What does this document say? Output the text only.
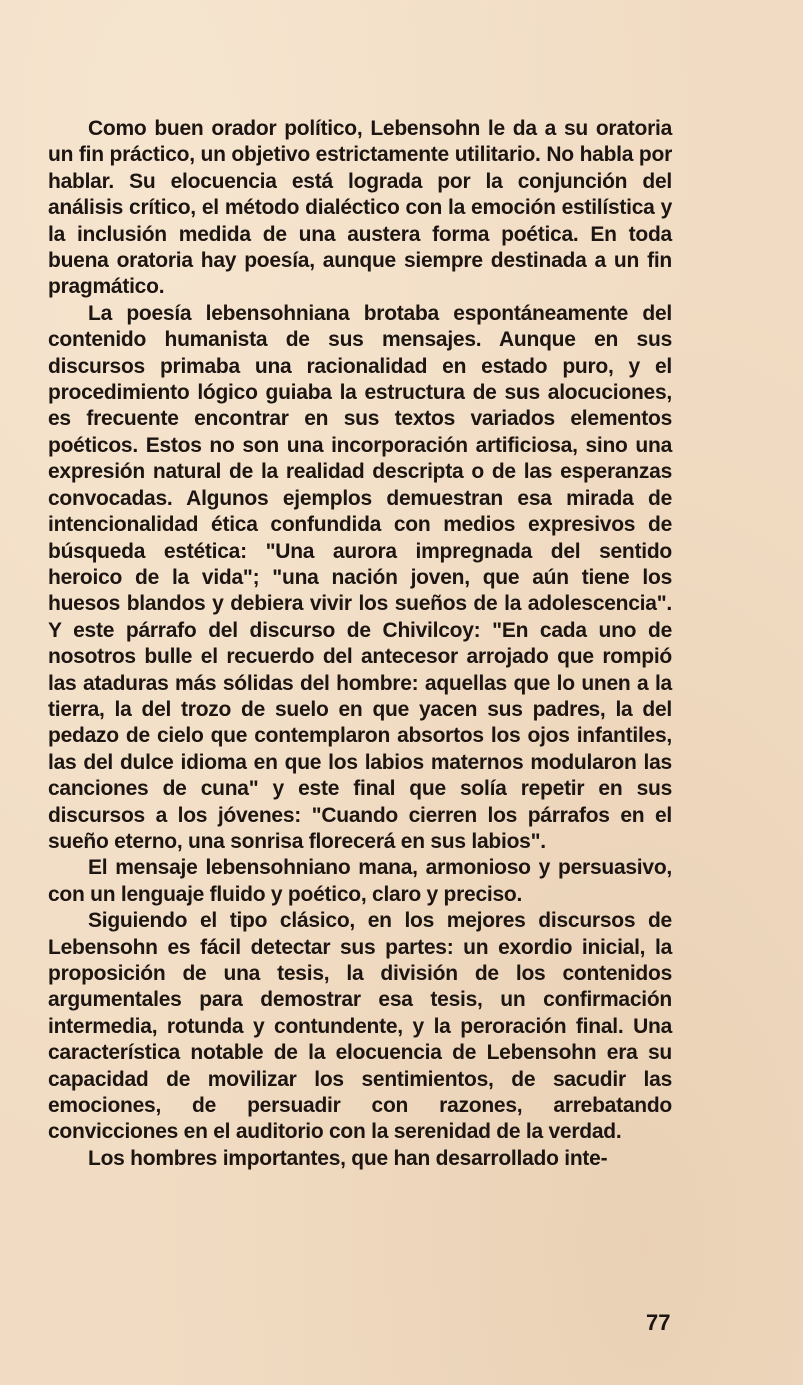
Como buen orador político, Lebensohn le da a su oratoria un fin práctico, un objetivo estrictamente utilitario. No habla por hablar. Su elocuencia está lograda por la conjunción del análisis crítico, el método dialéctico con la emoción estilística y la inclusión medida de una austera forma poética. En toda buena oratoria hay poesía, aunque siempre destinada a un fin pragmático.

La poesía lebensohniana brotaba espontáneamente del contenido humanista de sus mensajes. Aunque en sus discursos primaba una racionalidad en estado puro, y el procedimiento lógico guiaba la estructura de sus alocuciones, es frecuente encontrar en sus textos variados elementos poéticos. Estos no son una incorporación artificiosa, sino una expresión natural de la realidad descripta o de las esperanzas convocadas. Algunos ejemplos demuestran esa mirada de intencionalidad ética confundida con medios expresivos de búsqueda estética: "Una aurora impregnada del sentido heroico de la vida"; "una nación joven, que aún tiene los huesos blandos y debiera vivir los sueños de la adolescencia". Y este párrafo del discurso de Chivilcoy: "En cada uno de nosotros bulle el recuerdo del antecesor arrojado que rompió las ataduras más sólidas del hombre: aquellas que lo unen a la tierra, la del trozo de suelo en que yacen sus padres, la del pedazo de cielo que contemplaron absortos los ojos infantiles, las del dulce idioma en que los labios maternos modularon las canciones de cuna" y este final que solía repetir en sus discursos a los jóvenes: "Cuando cierren los párrafos en el sueño eterno, una sonrisa florecerá en sus labios".

El mensaje lebensohniano mana, armonioso y persuasivo, con un lenguaje fluido y poético, claro y preciso.

Siguiendo el tipo clásico, en los mejores discursos de Lebensohn es fácil detectar sus partes: un exordio inicial, la proposición de una tesis, la división de los contenidos argumentales para demostrar esa tesis, un confirmación intermedia, rotunda y contundente, y la peroración final. Una característica notable de la elocuencia de Lebensohn era su capacidad de movilizar los sentimientos, de sacudir las emociones, de persuadir con razones, arrebatando convicciones en el auditorio con la serenidad de la verdad.

Los hombres importantes, que han desarrollado inte-

77
